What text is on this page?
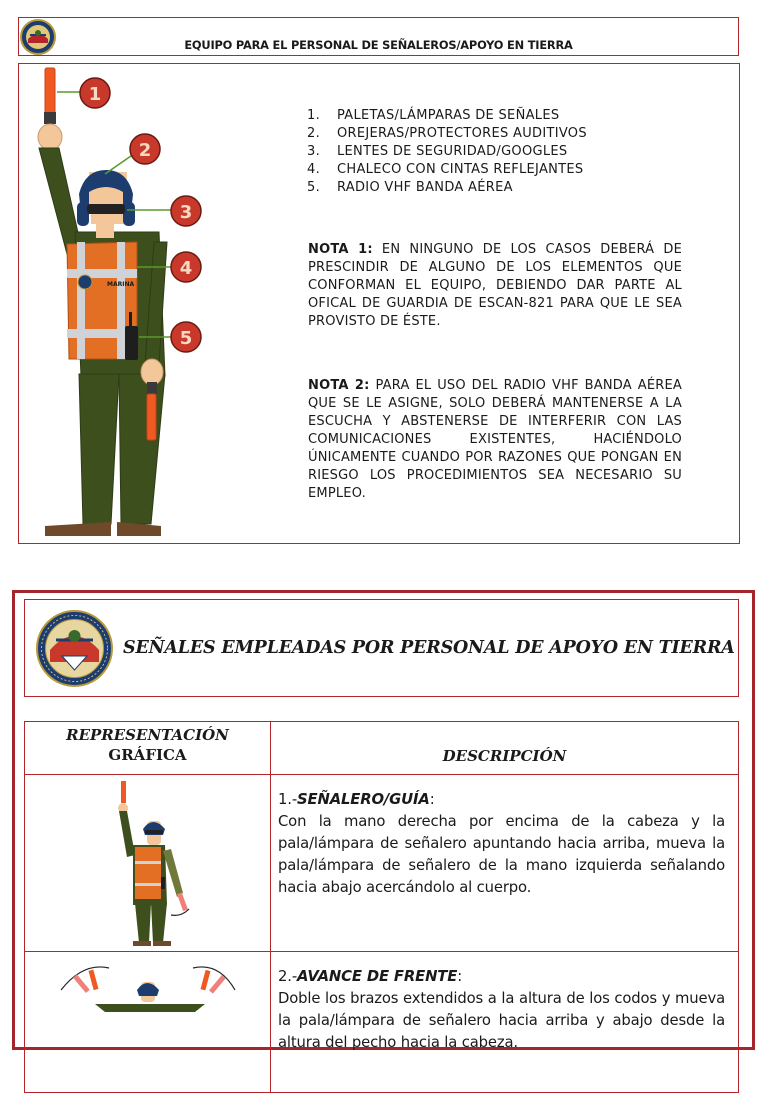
EQUIPO PARA EL PERSONAL DE SEÑALEROS/APOYO EN TIERRA
MARINA
1
2
3
4
5
1.	PALETAS/LÁMPARAS DE SEÑALES
2.	OREJERAS/PROTECTORES AUDITIVOS
3.	LENTES DE SEGURIDAD/GOOGLES
4.	CHALECO CON CINTAS REFLEJANTES
5.	RADIO VHF BANDA AÉREA
NOTA 1: EN NINGUNO DE LOS CASOS DEBERÁ DE PRESCINDIR DE ALGUNO DE LOS ELEMENTOS QUE CONFORMAN EL EQUIPO, DEBIENDO DAR PARTE AL OFICAL DE GUARDIA DE ESCAN-821 PARA QUE LE SEA PROVISTO DE ÉSTE.
NOTA 2: PARA EL USO DEL RADIO VHF BANDA AÉREA QUE SE LE ASIGNE, SOLO DEBERÁ MANTENERSE A LA ESCUCHA Y ABSTENERSE DE INTERFERIR CON LAS COMUNICACIONES EXISTENTES, HACIÉNDOLO ÚNICAMENTE CUANDO POR RAZONES QUE PONGAN EN RIESGO LOS PROCEDIMIENTOS SEA NECESARIO SU EMPLEO.
SEÑALES EMPLEADAS POR PERSONAL DE APOYO EN TIERRA
REPRESENTACIÓN
GRÁFICA	DESCRIPCIÓN

1.-SEÑALERO/GUÍA:
Con la mano derecha por encima de la cabeza y la pala/lámpara de señalero apuntando hacia arriba, mueva la pala/lámpara de señalero de la mano izquierda señalando hacia abajo acercándolo al cuerpo.

2.-AVANCE DE FRENTE:
Doble los brazos extendidos a la altura de los codos y mueva la pala/lámpara de señalero hacia arriba y abajo desde la altura del pecho hacia la cabeza.
